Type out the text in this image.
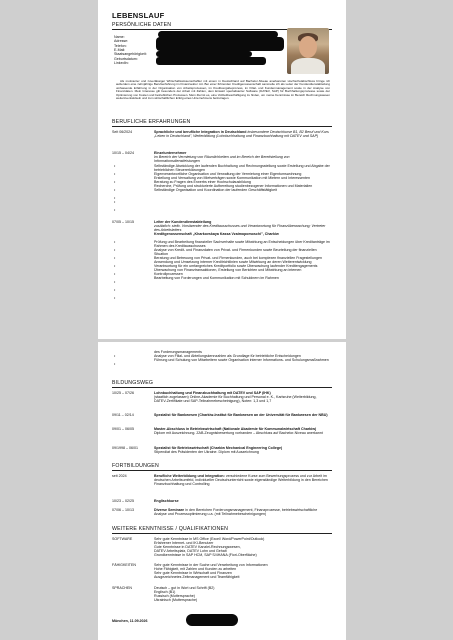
LEBENSLAUF
PERSÖNLICHE DATEN
Name:
Adresse:
Telefon:
E-Mail:
Staatsangehörigkeit:
Geburtsdatum:
LinkedIn:
Als motivierter und zuverlässiger Wirtschaftswissenschaftler mit einem in Deutschland auf Bachelor-Niveau anerkannten Hochschulabschluss bringe ich außerdem eine zehnjährige Berufserfahrung im Finanzsektor mit. Bei einer führenden Kreditgenossenschaft sammelte ich als Leiter der Kundendienstabteilung umfassende Erfahrung in der Organisation von Arbeitsprozessen, im Kreditvergabeprozess, im Filial- und Kundenmanagement sowie in der Analyse von Finanzdaten. Mein Interesse gilt besonders der Arbeit mit Zahlen, dem Einsatz spezialisierter Software (DATEV, SAP) für Buchhaltungsprozesse sowie der Optimierung von Kosten und betrieblichen Prozessen. Mein Ziel ist es, eine Vollzeitbeschäftigung zu finden, um meine Kenntnisse im Bereich Rechnungswesen weiterzuentwickeln und zum wirtschaftlichen Erfolg eines Unternehmens beizutragen.
BERUFLICHE ERFAHRUNGEN
Seit 06/2024	Sprachliche und berufliche Integration in Deutschland insbesondere Deutschkurse B1, B2 Beruf und Kurs „Leben in Deutschland", Weiterbildung (Lohnbuchhaltung und Finanzbuchhaltung mit DATEV und SAP)
10/15 – 04/24	Einzelunternehmer
im Bereich der Vermietung von Räumlichkeiten und im Bereich der Bereitstellung von Informationsdienstleistungen
Selbständige Abwicklung der laufenden Buchhaltung und Rechnungsstellung sowie Erstellung und Abgabe der betrieblichen Steuererklärungen
Eigenverantwortliche Organisation und Verwaltung der Vermietung einer Eigentumswohnung
Erstellung und Verwaltung von Mietverträgen sowie Kommunikation mit Mietern und Interessenten
Beratung zu Fragen des Erwerbs einer Hochschulausbildung
Recherche, Prüfung und strukturierte Aufbereitung studienbezogener Informationen und Materialien
Selbständige Organisation und Koordination der laufenden Geschäftstätigkeit
•
•
•
•
•
•
•
07/05 – 10/15	Leiter der Kundendienstabteilung
zusätzlich: stellv. Vorsitzender des Kreditausschusses und Verantwortung für Finanzüberwachung; Vertreter des Arbeitsleiters
Kreditgenossenschaft „Kharkovskaya Kassa Vzaimopomoschi", Charkiw
Prüfung und Bearbeitung finanzieller Sachverhalte sowie Mitwirkung an Entscheidungen über Kreditanträge im Rahmen des Kreditausschusses
Analyse von Kredit- und Finanzdaten von Privat- und Firmenkunden sowie Beurteilung der finanziellen Situation
Beratung und Betreuung von Privat- und Firmenkunden, auch bei komplexen finanziellen Fragestellungen
Anwendung und Umsetzung interner Kreditrichtlinien sowie Mitwirkung an deren Weiterentwicklung
Verantwortung für ein umfangreiches Kreditportfolio sowie Überwachung laufender Kreditengagements
Überwachung von Finanztransaktionen, Erstellung von Berichten und Mitwirkung an internen Kontrollprozessen
Bearbeitung von Forderungen und Kommunikation mit Schuldnern im Rahmen
•
•
•
•
•
•
•
•
des Forderungsmanagements
Analyse von Filial- und Abteilungskennzahlen als Grundlage für betriebliche Entscheidungen
Führung und Schulung von Mitarbeitern sowie Organisation interner Informations- und Schulungsmaßnahmen
•
•
BILDUNGSWEG
10/25 – 07/26	Lohnbuchhaltung und Finanzbuchhaltung mit DATEV und SAP (IHK)
(staatlich zugelassen) Online-Akademie für Buchhaltung und Personal e. K., Karlsruhe (Weiterbildung, DATEV-Zertifikate und SAP-Teilnahmebescheinigung), Noten: 1,3 und 1,7
09/11 – 02/14	Spezialist für Bankwesen (Charkiw-Institut für Bankwesen an der Universität für Bankwesen der NBU)
09/01 – 06/05	Master-Abschluss in Betriebswirtschaft (Nationale Akademie für Kommunalwirtschaft Charkiw)
Diplom mit Auszeichnung. ZAB-Zeugnisbewertung vorhanden – Abschluss auf Bachelor-Niveau anerkannt
09/1998 – 06/01	Spezialist für Betriebswirtschaft (Charkiw Mechanical Engineering College)
Stipendiat des Präsidenten der Ukraine. Diplom mit Auszeichnung
FORTBILDUNGEN
seit 2024	Berufliche Weiterbildung und Integration: verschiedene Kurse zum Bewerbungsprozess und zur Arbeit im deutschen Arbeitsumfeld, individueller Deutschunterricht sowie eigenständige Weiterbildung in den Bereichen Finanzbuchhaltung und Controlling
10/23 – 02/25	Englischkurse
07/06 – 10/13	Diverse Seminare in den Bereichen Forderungsmanagement, Finanzprozesse, betriebswirtschaftliche Analyse und Prozessoptimierung u.a. (mit Teilnahmebescheinigungen)
WEITERE KENNTNISSE / QUALIFIKATIONEN
SOFTWARE	Sehr gute Kenntnisse in MS Office (Excel/ Word/PowerPoint/Outlook)
Erfahrener Internet- und IKI-Benutzer
Gute Kenntnisse in DATEV Kanzlei-Rechnungswesen,
DATEV Arbeitsplatz, DATEV Lohn und Gehalt
Grundkenntnisse in SAP HCM, SAP S/4HANA (Fiori-Oberfläche)
FÄHIGKEITEN	Sehr gute Kenntnisse in der Suche und Verarbeitung von Informationen
Hohe Fähigkeit, mit Zahlen und Kunden zu arbeiten
Sehr gute Kenntnisse in Wirtschaft und Finanzen
Ausgezeichnetes Zeitmanagement und Teamfähigkeit
SPRACHEN	Deutsch – gut in Wort und Schrift (B2)
Englisch (B1)
Russisch (Muttersprache)
Ukrainisch (Muttersprache)
München, 11.09.2026
